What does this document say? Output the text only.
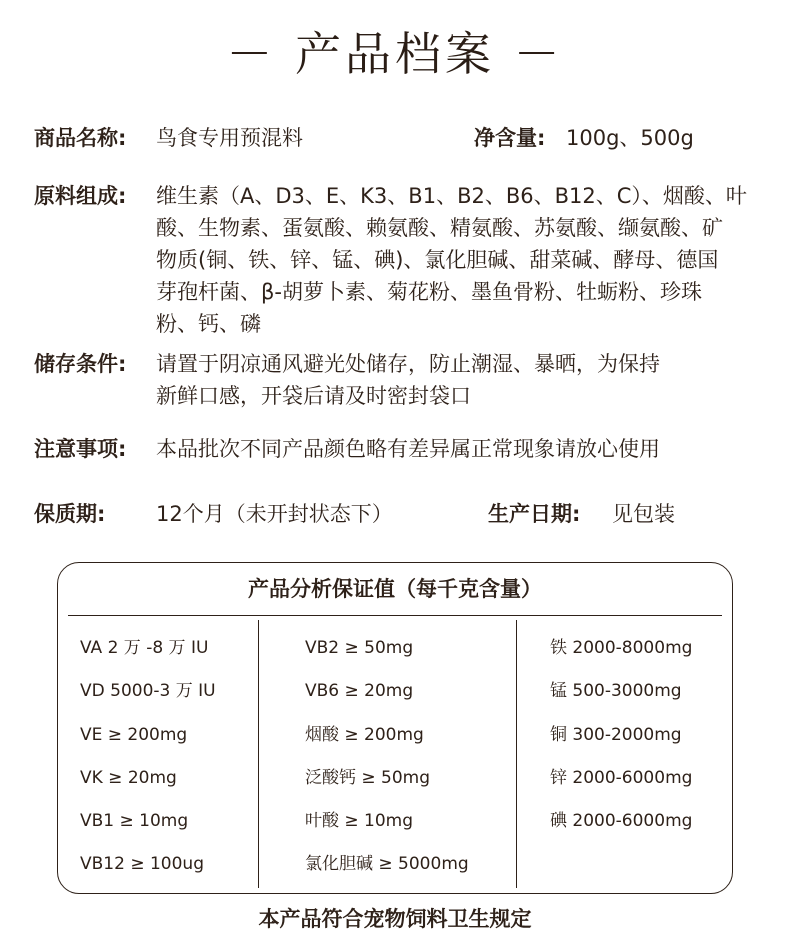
－ 产品档案 －
商品名称: 鸟食专用预混料	净含量: 100g、500g
原料组成: 维生素（A、D3、E、K3、B1、B2、B6、B12、C）、烟酸、叶
酸、生物素、蛋氨酸、赖氨酸、精氨酸、苏氨酸、缬氨酸、矿
物质(铜、铁、锌、锰、碘)、氯化胆碱、甜菜碱、酵母、德国
芽孢杆菌、β-胡萝卜素、菊花粉、墨鱼骨粉、牡蛎粉、珍珠
粉、钙、磷
储存条件: 请置于阴凉通风避光处储存，防止潮湿、暴晒，为保持
新鲜口感，开袋后请及时密封袋口
注意事项: 本品批次不同产品颜色略有差异属正常现象请放心使用
保质期: 12个月（未开封状态下）	生产日期: 见包装
产品分析保证值（每千克含量）
VA 2 万 -8 万 IU
VD 5000-3 万 IU
VE ≥ 200mg
VK ≥ 20mg
VB1 ≥ 10mg
VB12 ≥ 100ug
VB2 ≥ 50mg
VB6 ≥ 20mg
烟酸 ≥ 200mg
泛酸钙 ≥ 50mg
叶酸 ≥ 10mg
氯化胆碱 ≥ 5000mg
铁 2000-8000mg
锰 500-3000mg
铜 300-2000mg
锌 2000-6000mg
碘 2000-6000mg
本产品符合宠物饲料卫生规定
